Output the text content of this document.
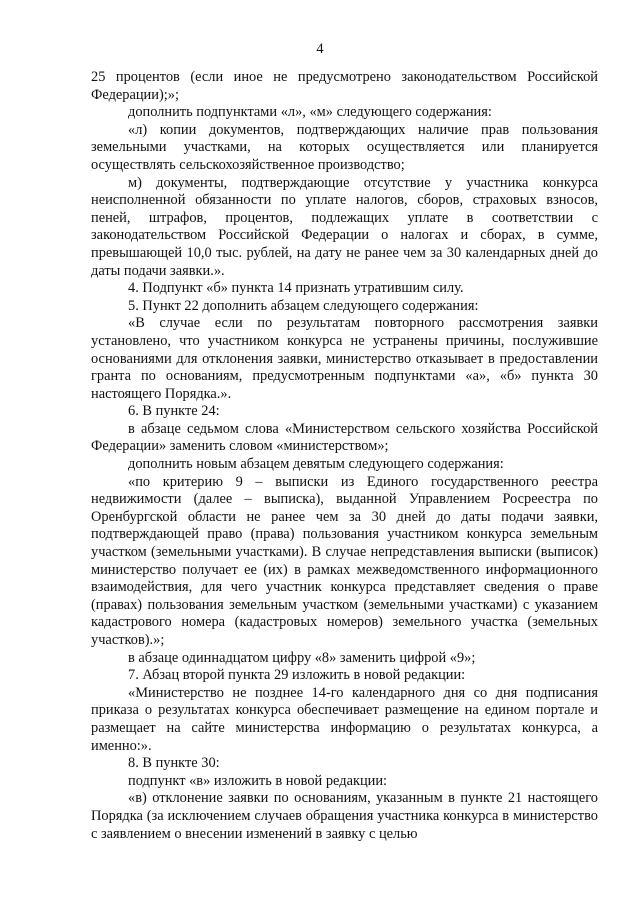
4

25 процентов (если иное не предусмотрено законодательством Российской Федерации);»;

дополнить подпунктами «л», «м» следующего содержания:

«л) копии документов, подтверждающих наличие прав пользования земельными участками, на которых осуществляется или планируется осуществлять сельскохозяйственное производство;

м) документы, подтверждающие отсутствие у участника конкурса неисполненной обязанности по уплате налогов, сборов, страховых взносов, пеней, штрафов, процентов, подлежащих уплате в соответствии с законодательством Российской Федерации о налогах и сборах, в сумме, превышающей 10,0 тыс. рублей, на дату не ранее чем за 30 календарных дней до даты подачи заявки.».

4. Подпункт «б» пункта 14 признать утратившим силу.

5. Пункт 22 дополнить абзацем следующего содержания:

«В случае если по результатам повторного рассмотрения заявки установлено, что участником конкурса не устранены причины, послужившие основаниями для отклонения заявки, министерство отказывает в предоставлении гранта по основаниям, предусмотренным подпунктами «а», «б» пункта 30 настоящего Порядка.».

6. В пункте 24:

в абзаце седьмом слова «Министерством сельского хозяйства Российской Федерации» заменить словом «министерством»;

дополнить новым абзацем девятым следующего содержания:

«по критерию 9 – выписки из Единого государственного реестра недвижимости (далее – выписка), выданной Управлением Росреестра по Оренбургской области не ранее чем за 30 дней до даты подачи заявки, подтверждающей право (права) пользования участником конкурса земельным участком (земельными участками). В случае непредставления выписки (выписок) министерство получает ее (их) в рамках межведомственного информационного взаимодействия, для чего участник конкурса представляет сведения о праве (правах) пользования земельным участком (земельными участками) с указанием кадастрового номера (кадастровых номеров) земельного участка (земельных участков).»;

в абзаце одиннадцатом цифру «8» заменить цифрой «9»;

7. Абзац второй пункта 29 изложить в новой редакции:

«Министерство не позднее 14-го календарного дня со дня подписания приказа о результатах конкурса обеспечивает размещение на едином портале и размещает на сайте министерства информацию о результатах конкурса, а именно:».

8. В пункте 30:

подпункт «в» изложить в новой редакции:

«в) отклонение заявки по основаниям, указанным в пункте 21 настоящего Порядка (за исключением случаев обращения участника конкурса в министерство с заявлением о внесении изменений в заявку с целью
